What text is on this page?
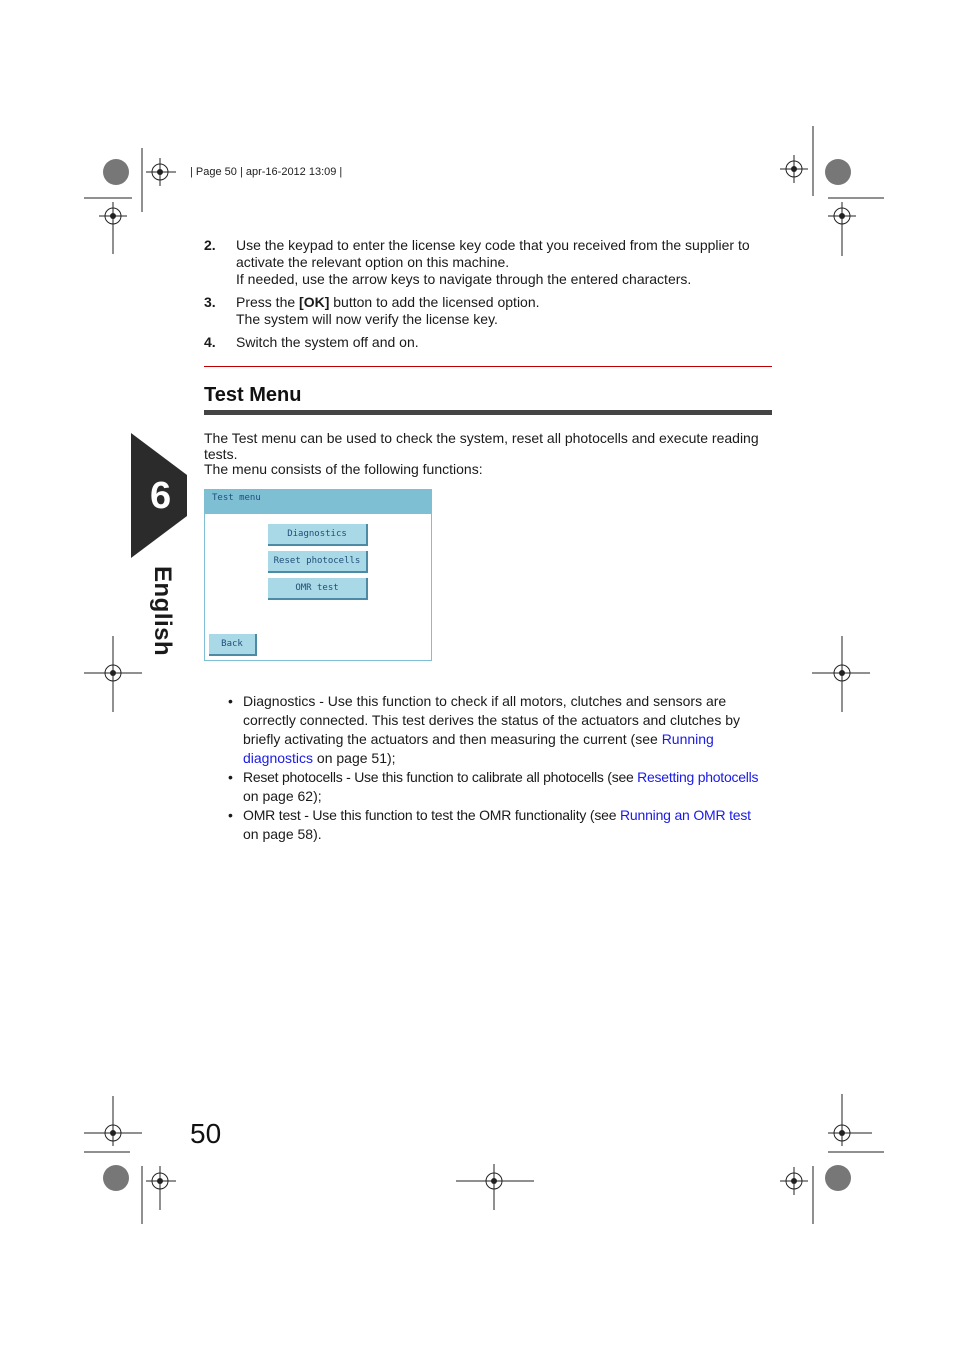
| Page 50 | apr-16-2012 13:09 |
6
English
2. Use the keypad to enter the license key code that you received from the supplier to
activate the relevant option on this machine.
If needed, use the arrow keys to navigate through the entered characters.
3. Press the [OK] button to add the licensed option.
The system will now verify the license key.
4. Switch the system off and on.
Test Menu
The Test menu can be used to check the system, reset all photocells and execute reading
tests.
The menu consists of the following functions:
Test menu
Diagnostics
Reset photocells
OMR test
Back
• Diagnostics - Use this function to check if all motors, clutches and sensors are
correctly connected. This test derives the status of the actuators and clutches by
briefly activating the actuators and then measuring the current (see Running
diagnostics on page 51);
• Reset photocells - Use this function to calibrate all photocells (see Resetting photocells
on page 62);
• OMR test - Use this function to test the OMR functionality (see Running an OMR test
on page 58).
50
